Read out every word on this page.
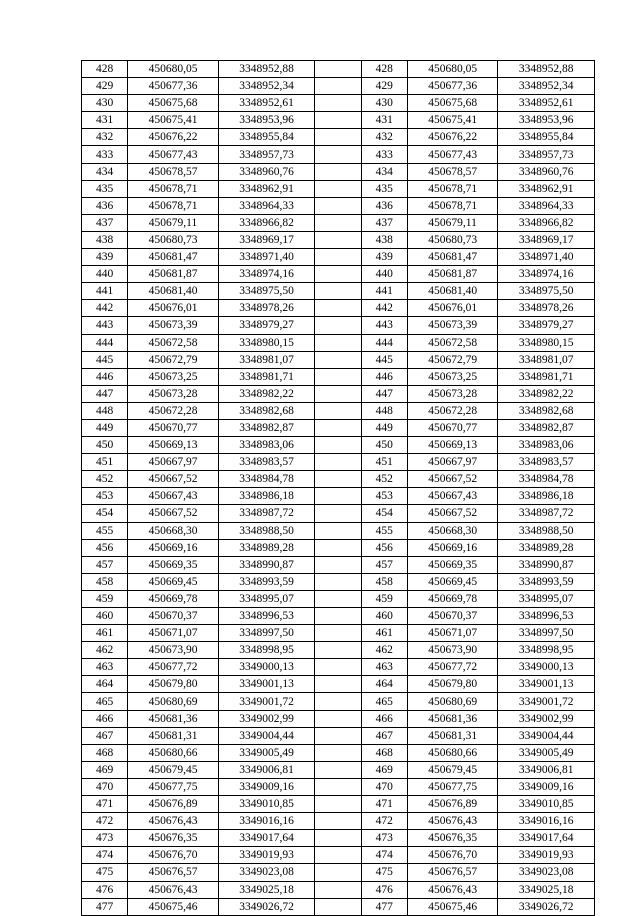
428	450680,05	3348952,88		428	450680,05	3348952,88
429	450677,36	3348952,34		429	450677,36	3348952,34
430	450675,68	3348952,61		430	450675,68	3348952,61
431	450675,41	3348953,96		431	450675,41	3348953,96
432	450676,22	3348955,84		432	450676,22	3348955,84
433	450677,43	3348957,73		433	450677,43	3348957,73
434	450678,57	3348960,76		434	450678,57	3348960,76
435	450678,71	3348962,91		435	450678,71	3348962,91
436	450678,71	3348964,33		436	450678,71	3348964,33
437	450679,11	3348966,82		437	450679,11	3348966,82
438	450680,73	3348969,17		438	450680,73	3348969,17
439	450681,47	3348971,40		439	450681,47	3348971,40
440	450681,87	3348974,16		440	450681,87	3348974,16
441	450681,40	3348975,50		441	450681,40	3348975,50
442	450676,01	3348978,26		442	450676,01	3348978,26
443	450673,39	3348979,27		443	450673,39	3348979,27
444	450672,58	3348980,15		444	450672,58	3348980,15
445	450672,79	3348981,07		445	450672,79	3348981,07
446	450673,25	3348981,71		446	450673,25	3348981,71
447	450673,28	3348982,22		447	450673,28	3348982,22
448	450672,28	3348982,68		448	450672,28	3348982,68
449	450670,77	3348982,87		449	450670,77	3348982,87
450	450669,13	3348983,06		450	450669,13	3348983,06
451	450667,97	3348983,57		451	450667,97	3348983,57
452	450667,52	3348984,78		452	450667,52	3348984,78
453	450667,43	3348986,18		453	450667,43	3348986,18
454	450667,52	3348987,72		454	450667,52	3348987,72
455	450668,30	3348988,50		455	450668,30	3348988,50
456	450669,16	3348989,28		456	450669,16	3348989,28
457	450669,35	3348990,87		457	450669,35	3348990,87
458	450669,45	3348993,59		458	450669,45	3348993,59
459	450669,78	3348995,07		459	450669,78	3348995,07
460	450670,37	3348996,53		460	450670,37	3348996,53
461	450671,07	3348997,50		461	450671,07	3348997,50
462	450673,90	3348998,95		462	450673,90	3348998,95
463	450677,72	3349000,13		463	450677,72	3349000,13
464	450679,80	3349001,13		464	450679,80	3349001,13
465	450680,69	3349001,72		465	450680,69	3349001,72
466	450681,36	3349002,99		466	450681,36	3349002,99
467	450681,31	3349004,44		467	450681,31	3349004,44
468	450680,66	3349005,49		468	450680,66	3349005,49
469	450679,45	3349006,81		469	450679,45	3349006,81
470	450677,75	3349009,16		470	450677,75	3349009,16
471	450676,89	3349010,85		471	450676,89	3349010,85
472	450676,43	3349016,16		472	450676,43	3349016,16
473	450676,35	3349017,64		473	450676,35	3349017,64
474	450676,70	3349019,93		474	450676,70	3349019,93
475	450676,57	3349023,08		475	450676,57	3349023,08
476	450676,43	3349025,18		476	450676,43	3349025,18
477	450675,46	3349026,72		477	450675,46	3349026,72
